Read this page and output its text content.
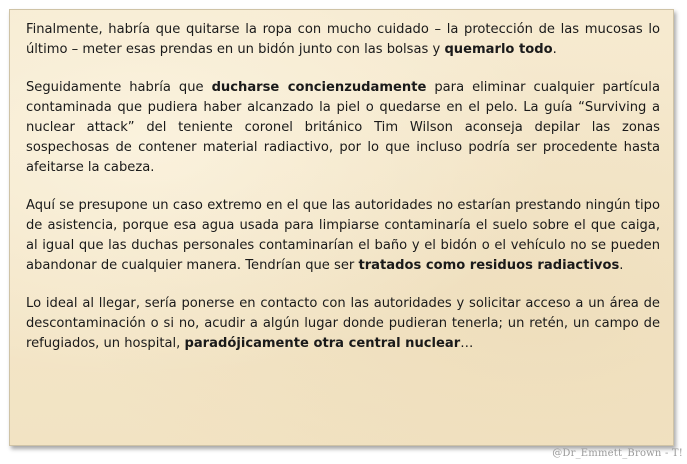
Finalmente, habría que quitarse la ropa con mucho cuidado – la protección de las mucosas lo último – meter esas prendas en un bidón junto con las bolsas y quemarlo todo.

Seguidamente habría que ducharse concienzudamente para eliminar cualquier partícula contaminada que pudiera haber alcanzado la piel o quedarse en el pelo. La guía “Surviving a nuclear attack” del teniente coronel británico Tim Wilson aconseja depilar las zonas sospechosas de contener material radiactivo, por lo que incluso podría ser procedente hasta afeitarse la cabeza.

Aquí se presupone un caso extremo en el que las autoridades no estarían prestando ningún tipo de asistencia, porque esa agua usada para limpiarse contaminaría el suelo sobre el que caiga, al igual que las duchas personales contaminarían el baño y el bidón o el vehículo no se pueden abandonar de cualquier manera. Tendrían que ser tratados como residuos radiactivos.

Lo ideal al llegar, sería ponerse en contacto con las autoridades y solicitar acceso a un área de descontaminación o si no, acudir a algún lugar donde pudieran tenerla; un retén, un campo de refugiados, un hospital, paradójicamente otra central nuclear…

@Dr_Emmett_Brown - T!
